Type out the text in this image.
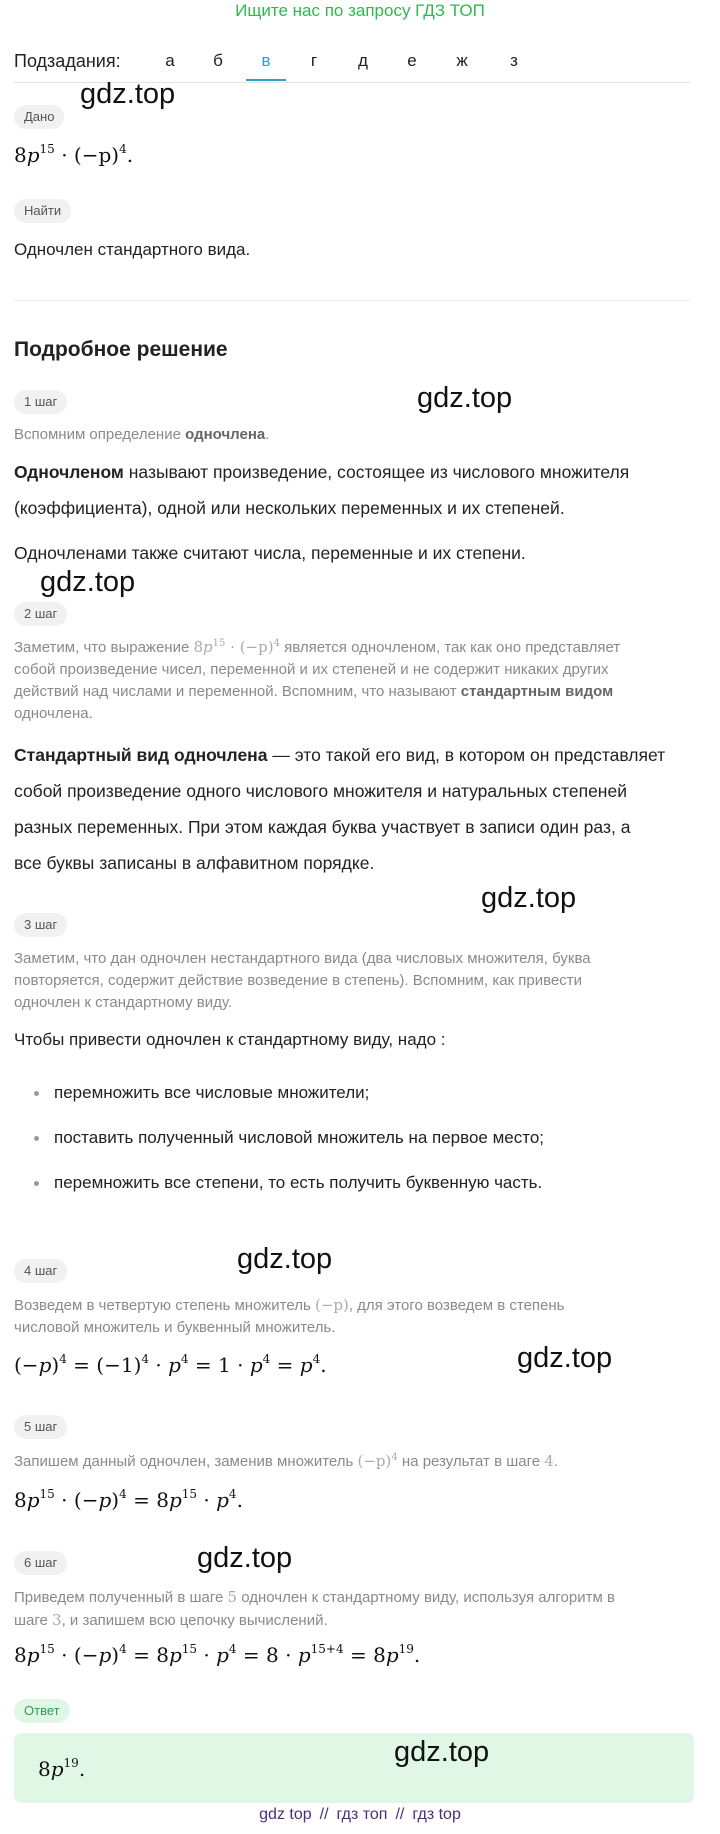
Ищите нас по запросу ГДЗ ТОП
Подзадания:	а	б	в	г	д	е	ж	з
gdz.top
gdz.top
gdz.top
gdz.top
gdz.top
gdz.top
gdz.top
Дано
$8p^{15} \cdot (-p)^4$.
Найти
Одночлен стандартного вида.
Подробное решение
1 шаг
Вспомним определение одночлена.
Одночленом называют произведение, состоящее из числового множителя
(коэффициента), одной или нескольких переменных и их степеней.
Одночленами также считают числа, переменные и их степени.
2 шаг
Заметим, что выражение $8p^{15} \cdot (-p)^4$ является одночленом, так как оно представляет
собой произведение чисел, переменной и их степеней и не содержит никаких других
действий над числами и переменной. Вспомним, что называют стандартным видом
одночлена.
Стандартный вид одночлена — это такой его вид, в котором он представляет
собой произведение одного числового множителя и натуральных степеней
разных переменных. При этом каждая буква участвует в записи один раз, а
все буквы записаны в алфавитном порядке.
3 шаг
Заметим, что дан одночлен нестандартного вида (два числовых множителя, буква
повторяется, содержит действие возведение в степень). Вспомним, как привести
одночлен к стандартному виду.
Чтобы привести одночлен к стандартному виду, надо :
перемножить все числовые множители;
поставить полученный числовой множитель на первое место;
перемножить все степени, то есть получить буквенную часть.
4 шаг
Возведем в четвертую степень множитель (−p), для этого возведем в степень
числовой множитель и буквенный множитель.
$(-p)^4 = (-1)^4 \cdot p^4 = 1 \cdot p^4 = p^4$.
5 шаг
Запишем данный одночлен, заменив множитель $(-p)^4$ на результат в шаге 4.
$8p^{15} \cdot (-p)^4 = 8p^{15} \cdot p^4$.
6 шаг
Приведем полученный в шаге 5 одночлен к стандартному виду, используя алгоритм в
шаге 3, и запишем всю цепочку вычислений.
$8p^{15} \cdot (-p)^4 = 8p^{15} \cdot p^4 = 8 \cdot p^{15+4} = 8p^{19}$.
Ответ
$8p^{19}$.
gdz.top
gdz top // гдз топ // гдз top
